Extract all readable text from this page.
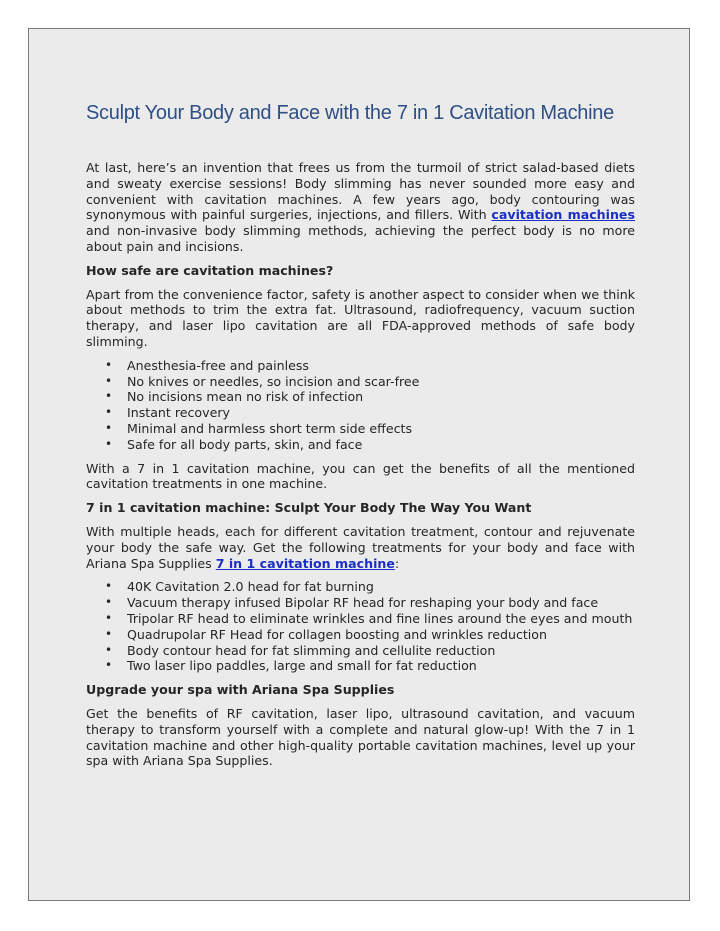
Sculpt Your Body and Face with the 7 in 1 Cavitation Machine

At last, here’s an invention that frees us from the turmoil of strict salad-based diets and sweaty exercise sessions! Body slimming has never sounded more easy and convenient with cavitation machines. A few years ago, body contouring was synonymous with painful surgeries, injections, and fillers. With cavitation machines and non-invasive body slimming methods, achieving the perfect body is no more about pain and incisions.

How safe are cavitation machines?

Apart from the convenience factor, safety is another aspect to consider when we think about methods to trim the extra fat. Ultrasound, radiofrequency, vacuum suction therapy, and laser lipo cavitation are all FDA-approved methods of safe body slimming.

• Anesthesia-free and painless
• No knives or needles, so incision and scar-free
• No incisions mean no risk of infection
• Instant recovery
• Minimal and harmless short term side effects
• Safe for all body parts, skin, and face

With a 7 in 1 cavitation machine, you can get the benefits of all the mentioned cavitation treatments in one machine.

7 in 1 cavitation machine: Sculpt Your Body The Way You Want

With multiple heads, each for different cavitation treatment, contour and rejuvenate your body the safe way. Get the following treatments for your body and face with Ariana Spa Supplies 7 in 1 cavitation machine:

• 40K Cavitation 2.0 head for fat burning
• Vacuum therapy infused Bipolar RF head for reshaping your body and face
• Tripolar RF head to eliminate wrinkles and fine lines around the eyes and mouth
• Quadrupolar RF Head for collagen boosting and wrinkles reduction
• Body contour head for fat slimming and cellulite reduction
• Two laser lipo paddles, large and small for fat reduction

Upgrade your spa with Ariana Spa Supplies

Get the benefits of RF cavitation, laser lipo, ultrasound cavitation, and vacuum therapy to transform yourself with a complete and natural glow-up! With the 7 in 1 cavitation machine and other high-quality portable cavitation machines, level up your spa with Ariana Spa Supplies.
